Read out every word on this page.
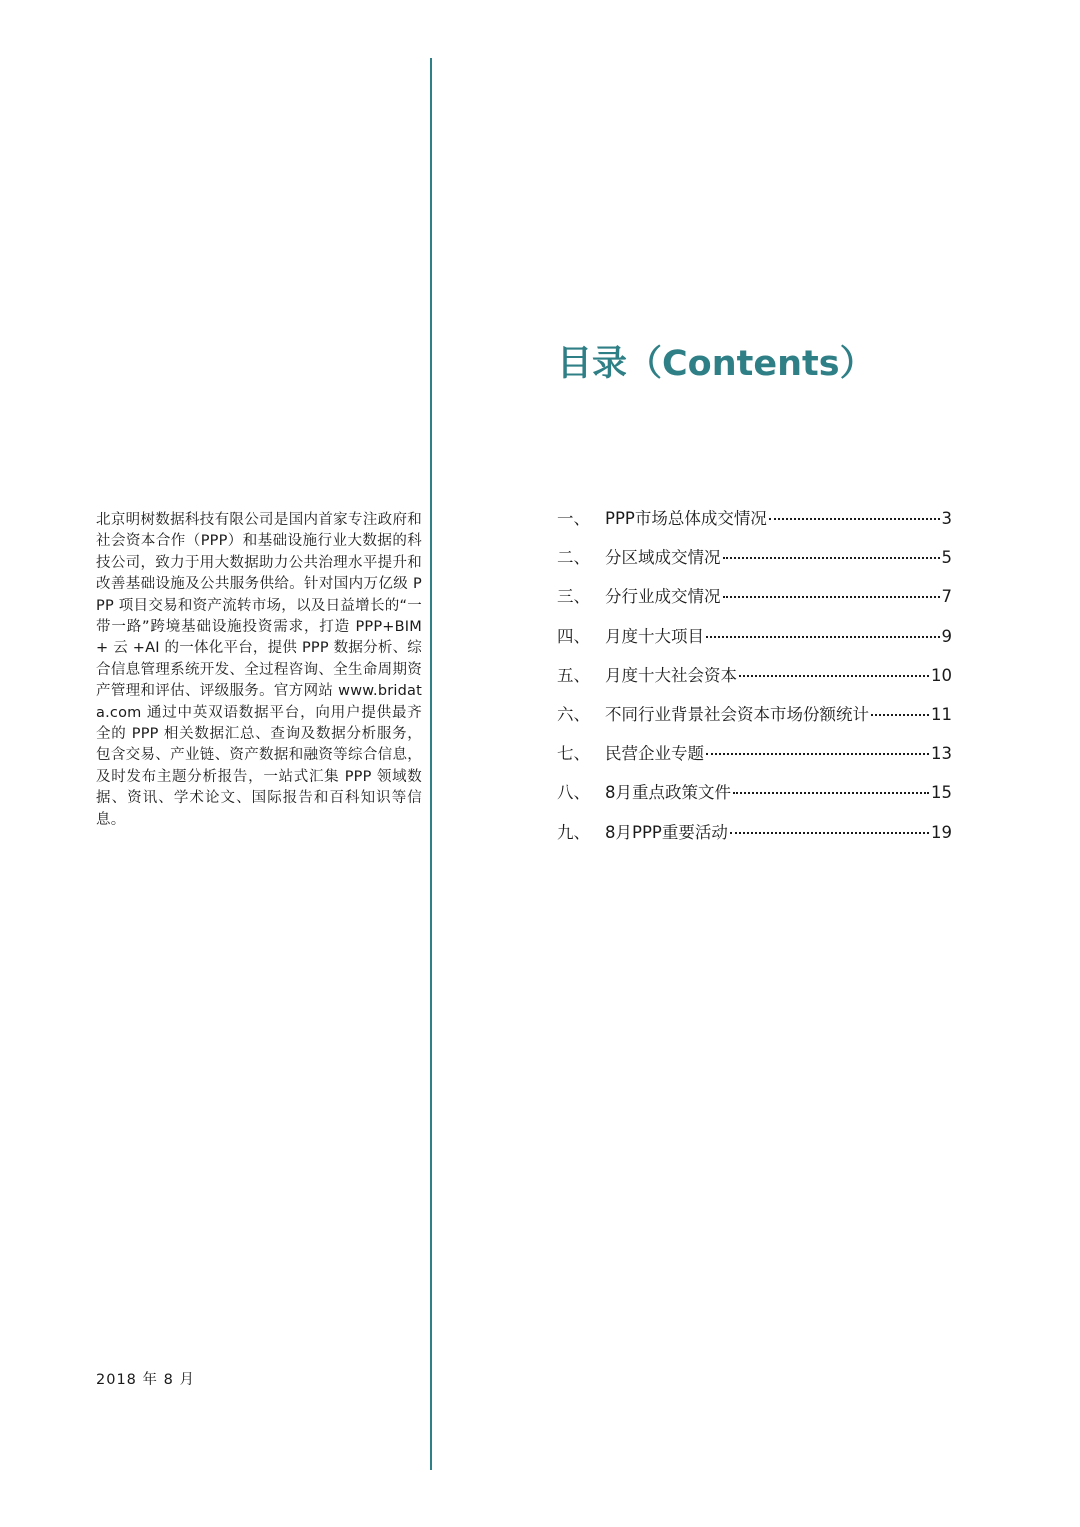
北京明树数据科技有限公司是国内首家专注政府和社会资本合作（PPP）和基础设施行业大数据的科技公司，致力于用大数据助力公共治理水平提升和改善基础设施及公共服务供给。针对国内万亿级 PPP 项目交易和资产流转市场，以及日益增长的“一带一路”跨境基础设施投资需求，打造 PPP+BIM+ 云 +AI 的一体化平台，提供 PPP 数据分析、综合信息管理系统开发、全过程咨询、全生命周期资产管理和评估、评级服务。官方网站 www.bridata.com 通过中英双语数据平台，向用户提供最齐全的 PPP 相关数据汇总、查询及数据分析服务，包含交易、产业链、资产数据和融资等综合信息，及时发布主题分析报告，一站式汇集 PPP 领域数据、资讯、学术论文、国际报告和百科知识等信息。
2018 年 8 月
目录（Contents）
一、 PPP市场总体成交情况	3
二、 分区域成交情况	5
三、 分行业成交情况	7
四、 月度十大项目	9
五、 月度十大社会资本	10
六、 不同行业背景社会资本市场份额统计	11
七、 民营企业专题	13
八、 8月重点政策文件	15
九、 8月PPP重要活动	19
